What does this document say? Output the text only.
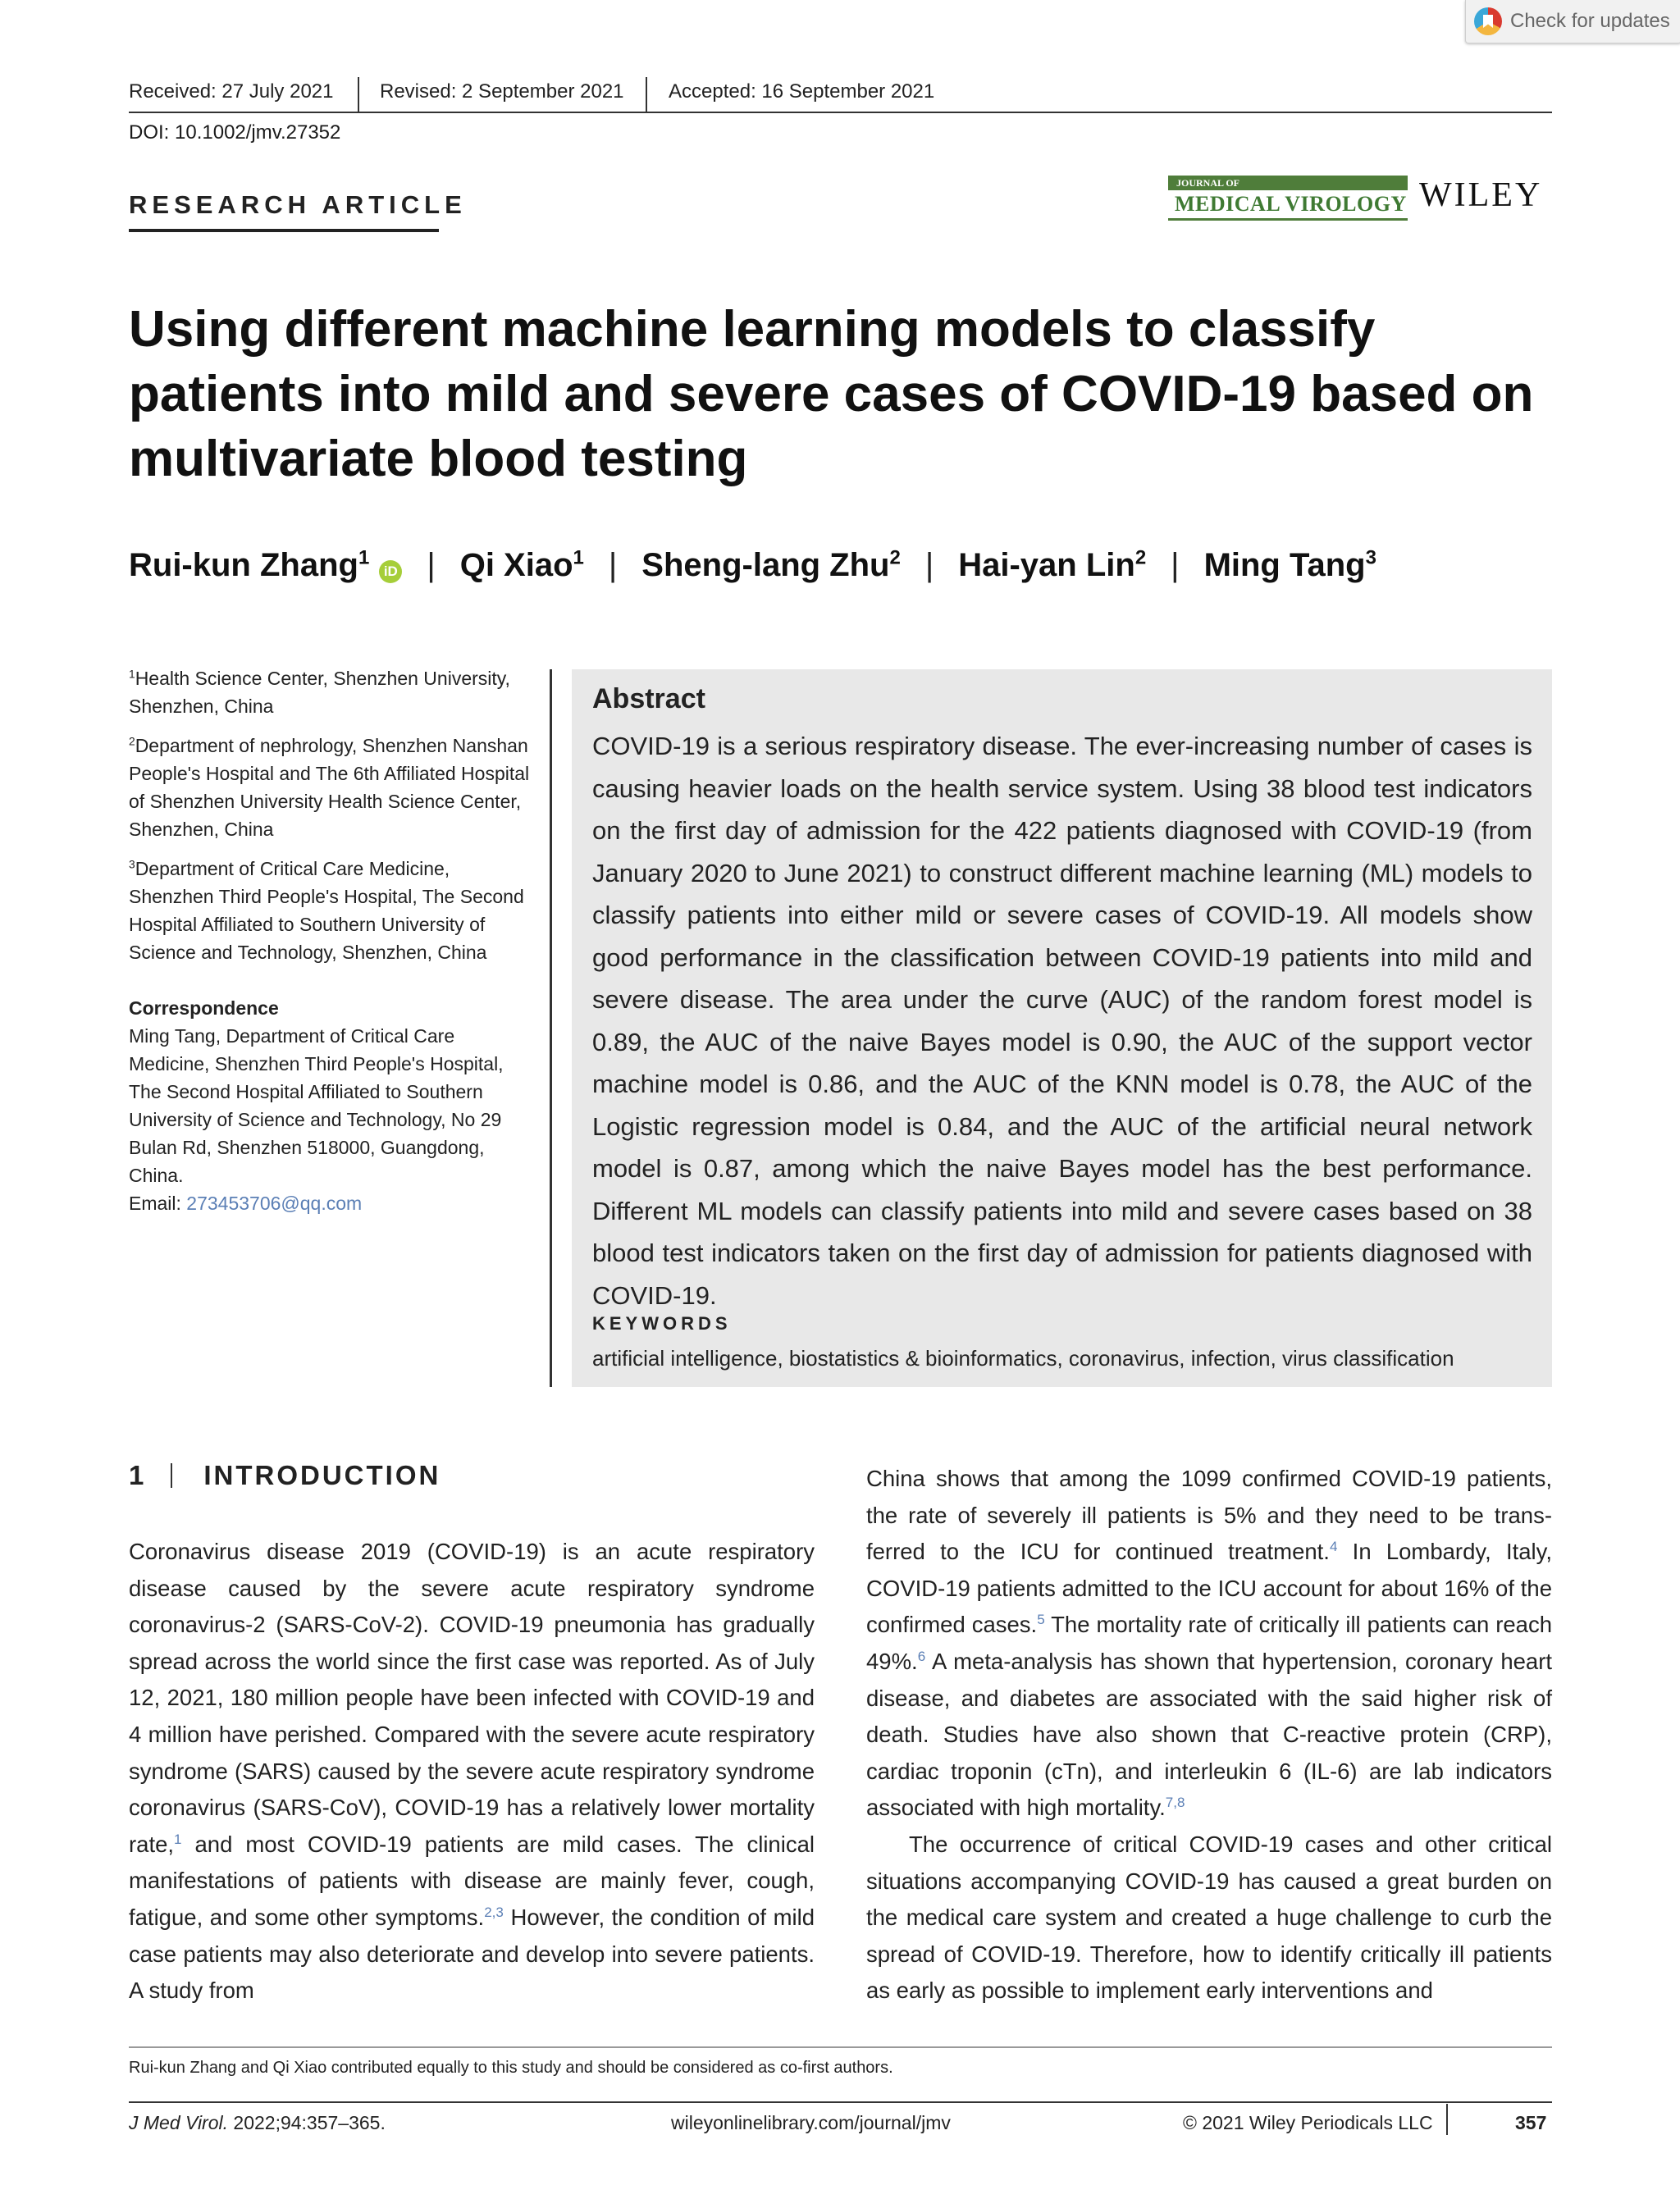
Check for updates
Received: 27 July 2021 Revised: 2 September 2021 Accepted: 16 September 2021
DOI: 10.1002/jmv.27352
RESEARCH ARTICLE
JOURNAL OF
MEDICAL VIROLOGY WILEY
Using different machine learning models to classify patients into mild and severe cases of COVID-19 based on multivariate blood testing
Rui-kun Zhang$^1$
iD | Qi Xiao$^1$ | Sheng-lang Zhu$^2$ | Hai-yan Lin$^2$ | Ming Tang$^3$

$^1$Health Science Center, Shenzhen University, Shenzhen, China

$^2$Department of nephrology, Shenzhen Nanshan People's Hospital and The 6th Affiliated Hospital of Shenzhen University Health Science Center, Shenzhen, China

$^3$Department of Critical Care Medicine, Shenzhen Third People's Hospital, The Second Hospital Affiliated to Southern University of Science and Technology, Shenzhen, China

Correspondence
Ming Tang, Department of Critical Care Medicine, Shenzhen Third People's Hospital, The Second Hospital Affiliated to Southern University of Science and Technology, No 29 Bulan Rd, Shenzhen 518000, Guangdong, China.
Email: 273453706@qq.com
Abstract
COVID-19 is a serious respiratory disease. The ever-increasing number of cases is causing heavier loads on the health service system. Using 38 blood test indicators on the first day of admission for the 422 patients diagnosed with COVID-19 (from January 2020 to June 2021) to construct different machine learning (ML) models to classify patients into either mild or severe cases of COVID-19. All models show good performance in the classification between COVID-19 patients into mild and severe disease. The area under the curve (AUC) of the random forest model is 0.89, the AUC of the naive Bayes model is 0.90, the AUC of the support vector machine model is 0.86, and the AUC of the KNN model is 0.78, the AUC of the Logistic regression model is 0.84, and the AUC of the artificial neural network model is 0.87, among which the naive Bayes model has the best performance. Different ML models can classify patients into mild and severe cases based on 38 blood test indicators taken on the first day of admission for patients diagnosed with COVID-19.
KEYWORDS
artificial intelligence, biostatistics & bioinformatics, coronavirus, infection, virus classification
1 INTRODUCTION

Coronavirus disease 2019 (COVID-19) is an acute respiratory disease caused by the severe acute respiratory syndrome coronavirus-2 (SARS-CoV-2). COVID-19 pneumonia has gradually spread across the world since the first case was reported. As of July 12, 2021, 180 million people have been infected with COVID-19 and 4 million have perished. Compared with the severe acute respiratory syndrome (SARS) caused by the severe acute respiratory syndrome coronavirus (SARS-CoV), COVID-19 has a relatively lower mortality rate,$^1$ and most COVID-19 patients are mild cases. The clinical manifestations of patients with disease are mainly fever, cough, fatigue, and some other symptoms.$^{2,3}$ However, the condition of mild case patients may also deteriorate and develop into severe patients. A study from

China shows that among the 1099 confirmed COVID-19 patients, the rate of severely ill patients is 5% and they need to be trans-ferred to the ICU for continued treatment.$^4$ In Lombardy, Italy, COVID-19 patients admitted to the ICU account for about 16% of the confirmed cases.$^5$ The mortality rate of critically ill patients can reach 49%.$^6$ A meta-analysis has shown that hypertension, coronary heart disease, and diabetes are associated with the said higher risk of death. Studies have also shown that C-reactive protein (CRP), cardiac troponin (cTn), and interleukin 6 (IL-6) are lab indicators associated with high mortality.$^{7,8}$

The occurrence of critical COVID-19 cases and other critical situations accompanying COVID-19 has caused a great burden on the medical care system and created a huge challenge to curb the spread of COVID-19. Therefore, how to identify critically ill patients as early as possible to implement early interventions and

Rui-kun Zhang and Qi Xiao contributed equally to this study and should be considered as co-first authors.
J Med Virol. 2022;94:357–365.	wileyonlinelibrary.com/journal/jmv	© 2021 Wiley Periodicals LLC	357
